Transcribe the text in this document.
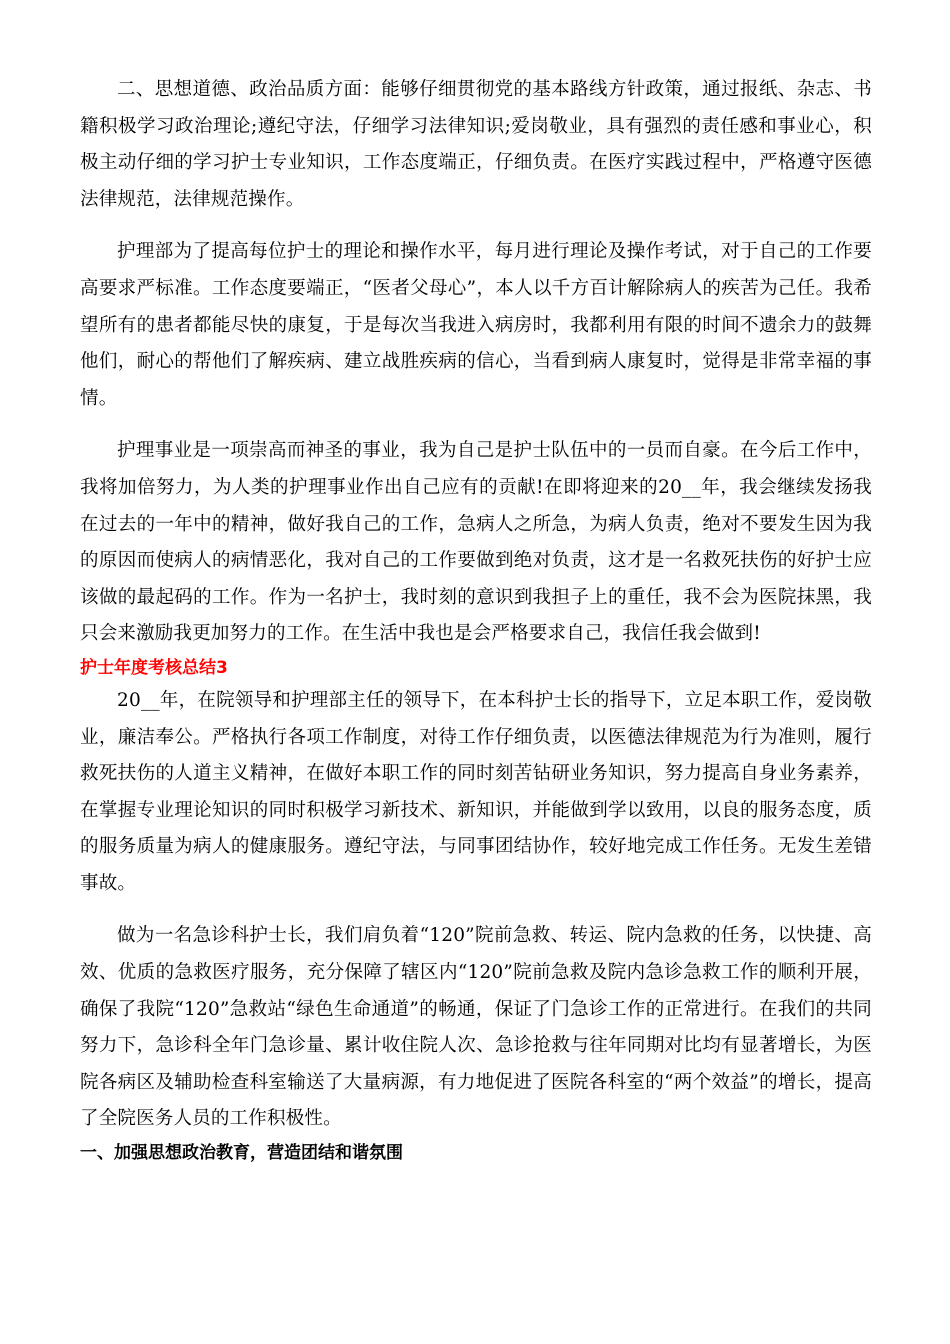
二、思想道德、政治品质方面：能够仔细贯彻党的基本路线方针政策，通过报纸、杂志、书籍积极学习政治理论;遵纪守法，仔细学习法律知识;爱岗敬业，具有强烈的责任感和事业心，积极主动仔细的学习护士专业知识，工作态度端正，仔细负责。在医疗实践过程中，严格遵守医德法律规范，法律规范操作。

护理部为了提高每位护士的理论和操作水平，每月进行理论及操作考试，对于自己的工作要高要求严标准。工作态度要端正，“医者父母心”，本人以千方百计解除病人的疾苦为己任。我希望所有的患者都能尽快的康复，于是每次当我进入病房时，我都利用有限的时间不遗余力的鼓舞他们，耐心的帮他们了解疾病、建立战胜疾病的信心，当看到病人康复时，觉得是非常幸福的事情。

护理事业是一项崇高而神圣的事业，我为自己是护士队伍中的一员而自豪。在今后工作中，我将加倍努力，为人类的护理事业作出自己应有的贡献!在即将迎来的20__年，我会继续发扬我在过去的一年中的精神，做好我自己的工作，急病人之所急，为病人负责，绝对不要发生因为我的原因而使病人的病情恶化，我对自己的工作要做到绝对负责，这才是一名救死扶伤的好护士应该做的最起码的工作。作为一名护士，我时刻的意识到我担子上的重任，我不会为医院抹黑，我只会来激励我更加努力的工作。在生活中我也是会严格要求自己，我信任我会做到!

护士年度考核总结3

20__年，在院领导和护理部主任的领导下，在本科护士长的指导下，立足本职工作，爱岗敬业，廉洁奉公。严格执行各项工作制度，对待工作仔细负责，以医德法律规范为行为准则，履行救死扶伤的人道主义精神，在做好本职工作的同时刻苦钻研业务知识，努力提高自身业务素养，在掌握专业理论知识的同时积极学习新技术、新知识，并能做到学以致用，以良的服务态度，质的服务质量为病人的健康服务。遵纪守法，与同事团结协作，较好地完成工作任务。无发生差错事故。

做为一名急诊科护士长，我们肩负着“120”院前急救、转运、院内急救的任务，以快捷、高效、优质的急救医疗服务，充分保障了辖区内“120”院前急救及院内急诊急救工作的顺利开展，确保了我院“120”急救站“绿色生命通道”的畅通，保证了门急诊工作的正常进行。在我们的共同努力下，急诊科全年门急诊量、累计收住院人次、急诊抢救与往年同期对比均有显著增长，为医院各病区及辅助检查科室输送了大量病源，有力地促进了医院各科室的“两个效益”的增长，提高了全院医务人员的工作积极性。

一、加强思想政治教育，营造团结和谐氛围
